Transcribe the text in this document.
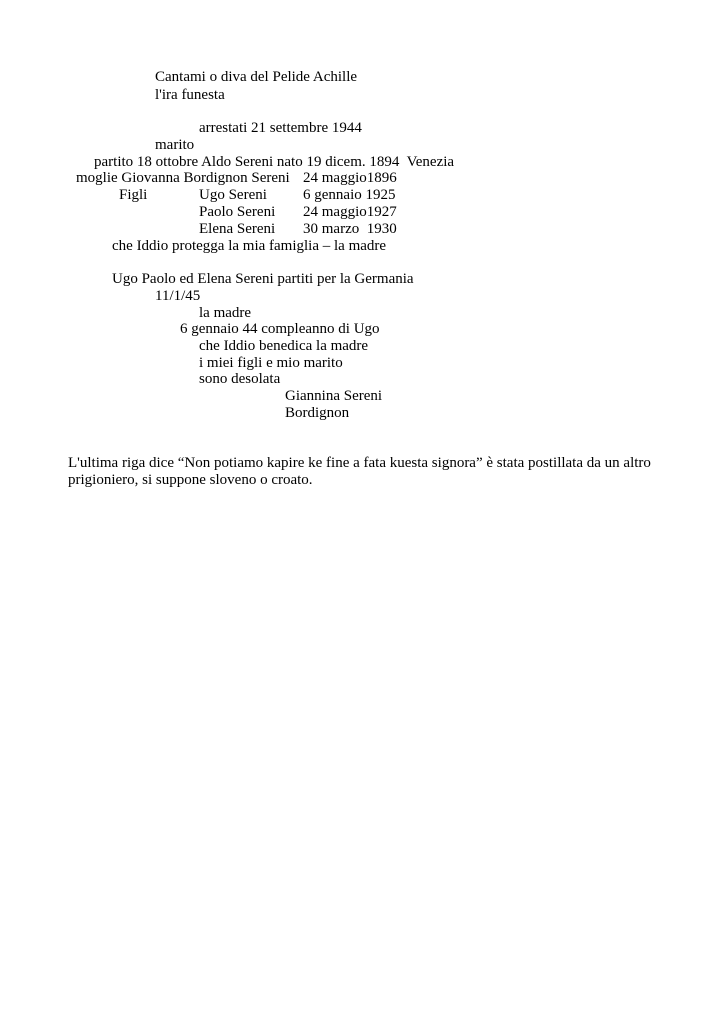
Cantami o diva del Pelide Achille
l'ira funesta
arrestati 21 settembre 1944
marito
partito 18 ottobre Aldo Sereni nato 19 dicem. 1894  Venezia
moglie Giovanna Bordignon Sereni 24 maggio1896
Figli	Ugo Sereni 6 gennaio 1925
Paolo Sereni 24 maggio1927
Elena Sereni 30 marzo  1930
che Iddio protegga la mia famiglia – la madre
Ugo Paolo ed Elena Sereni partiti per la Germania
11/1/45
la madre
6 gennaio 44 compleanno di Ugo
che Iddio benedica la madre
i miei figli e mio marito
sono desolata
Giannina Sereni
Bordignon
L'ultima riga dice “Non potiamo kapire ke fine a fata kuesta signora” è stata postillata da un altro prigioniero, si suppone sloveno o croato.
